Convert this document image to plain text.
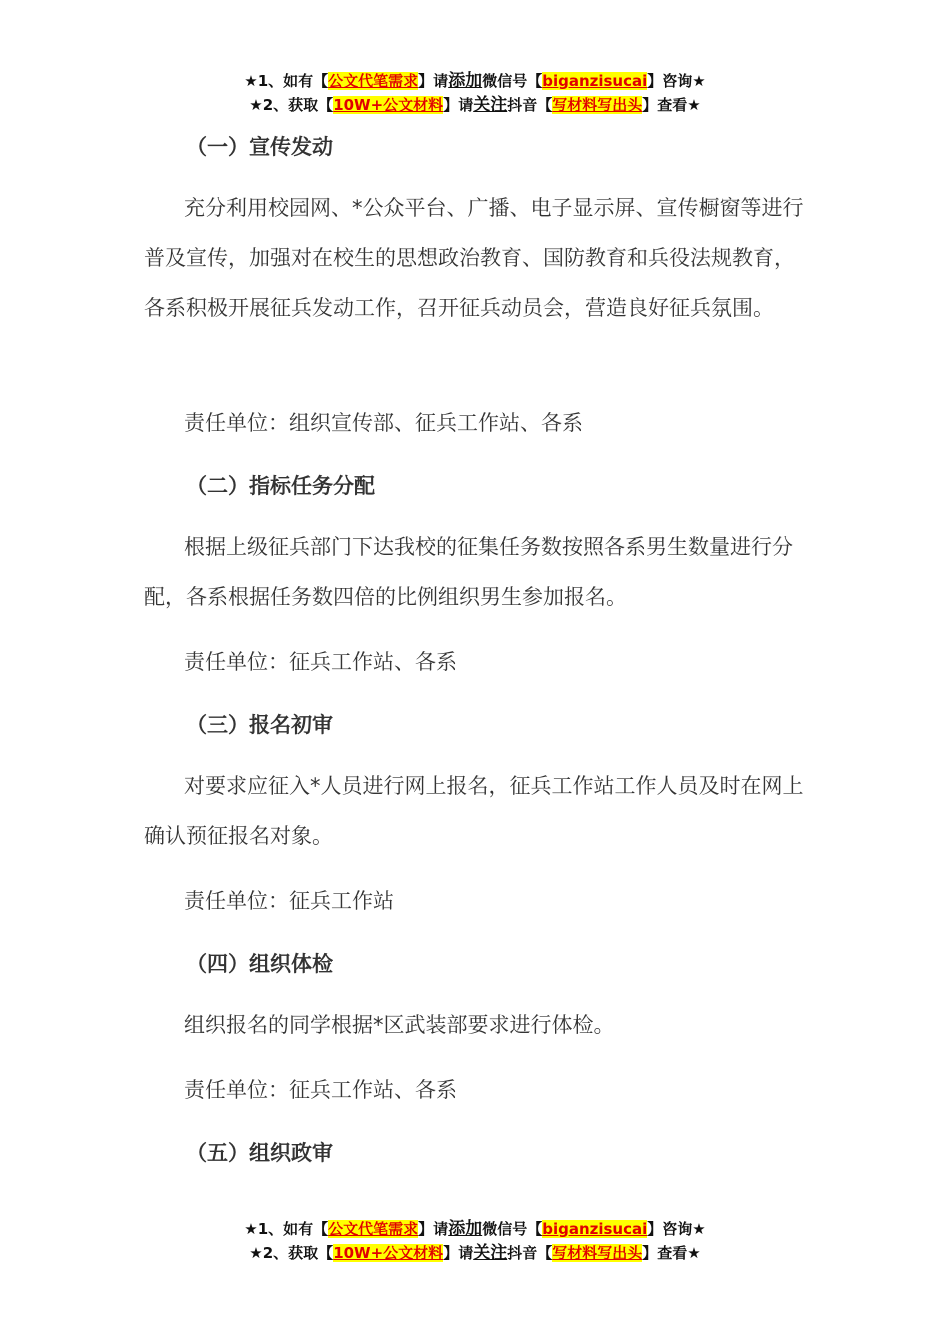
★1、如有【公文代笔需求】请添加微信号【biganzisucai】咨询★
★2、获取【10W+公文材料】请关注抖音【写材料写出头】查看★
（一）宣传发动
充分利用校园网、*公众平台、广播、电子显示屏、宣传橱窗等进行普及宣传，加强对在校生的思想政治教育、国防教育和兵役法规教育，各系积极开展征兵发动工作，召开征兵动员会，营造良好征兵氛围。
责任单位：组织宣传部、征兵工作站、各系
（二）指标任务分配
根据上级征兵部门下达我校的征集任务数按照各系男生数量进行分配，各系根据任务数四倍的比例组织男生参加报名。
责任单位：征兵工作站、各系
（三）报名初审
对要求应征入*人员进行网上报名，征兵工作站工作人员及时在网上确认预征报名对象。
责任单位：征兵工作站
（四）组织体检
组织报名的同学根据*区武装部要求进行体检。
责任单位：征兵工作站、各系
（五）组织政审
★1、如有【公文代笔需求】请添加微信号【biganzisucai】咨询★
★2、获取【10W+公文材料】请关注抖音【写材料写出头】查看★
